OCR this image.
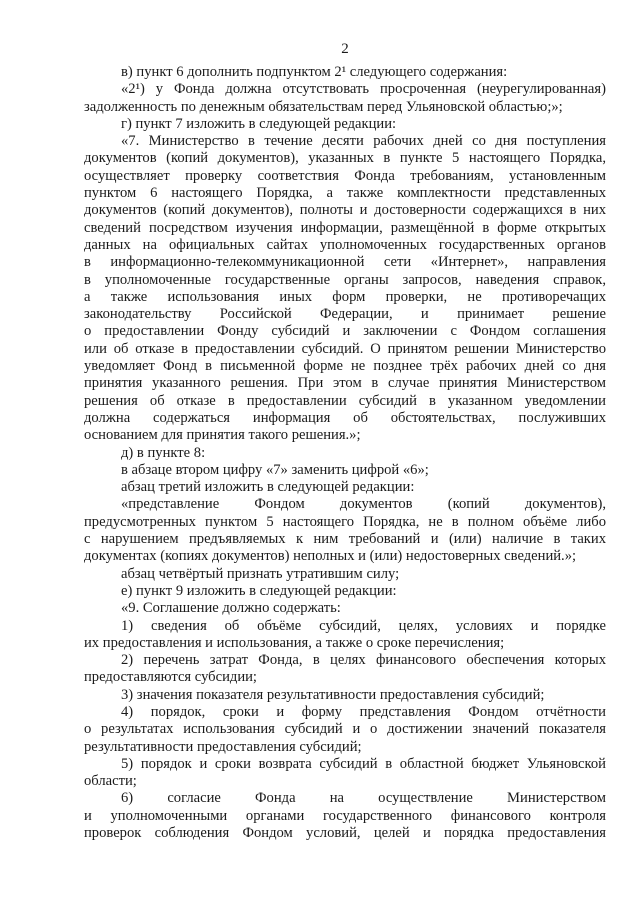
2
в) пункт 6 дополнить подпунктом 2¹ следующего содержания:
«2¹) у Фонда должна отсутствовать просроченная (неурегулированная)
задолженность по денежным обязательствам перед Ульяновской областью;»;
г) пункт 7 изложить в следующей редакции:
«7. Министерство в течение десяти рабочих дней со дня поступления
документов (копий документов), указанных в пункте 5 настоящего Порядка,
осуществляет проверку соответствия Фонда требованиям, установленным
пунктом 6 настоящего Порядка, а также комплектности представленных
документов (копий документов), полноты и достоверности содержащихся в них
сведений посредством изучения информации, размещённой в форме открытых
данных на официальных сайтах уполномоченных государственных органов
в информационно-телекоммуникационной сети «Интернет», направления
в уполномоченные государственные органы запросов, наведения справок,
а также использования иных форм проверки, не противоречащих
законодательству Российской Федерации, и принимает решение
о предоставлении Фонду субсидий и заключении с Фондом соглашения
или об отказе в предоставлении субсидий. О принятом решении Министерство
уведомляет Фонд в письменной форме не позднее трёх рабочих дней со дня
принятия указанного решения. При этом в случае принятия Министерством
решения об отказе в предоставлении субсидий в указанном уведомлении
должна содержаться информация об обстоятельствах, послуживших
основанием для принятия такого решения.»;
д) в пункте 8:
в абзаце втором цифру «7» заменить цифрой «6»;
абзац третий изложить в следующей редакции:
«представление Фондом документов (копий документов),
предусмотренных пунктом 5 настоящего Порядка, не в полном объёме либо
с нарушением предъявляемых к ним требований и (или) наличие в таких
документах (копиях документов) неполных и (или) недостоверных сведений.»;
абзац четвёртый признать утратившим силу;
е) пункт 9 изложить в следующей редакции:
«9. Соглашение должно содержать:
1) сведения об объёме субсидий, целях, условиях и порядке
их предоставления и использования, а также о сроке перечисления;
2) перечень затрат Фонда, в целях финансового обеспечения которых
предоставляются субсидии;
3) значения показателя результативности предоставления субсидий;
4) порядок, сроки и форму представления Фондом отчётности
о результатах использования субсидий и о достижении значений показателя
результативности предоставления субсидий;
5) порядок и сроки возврата субсидий в областной бюджет Ульяновской
области;
6) согласие Фонда на осуществление Министерством
и уполномоченными органами государственного финансового контроля
проверок соблюдения Фондом условий, целей и порядка предоставления
